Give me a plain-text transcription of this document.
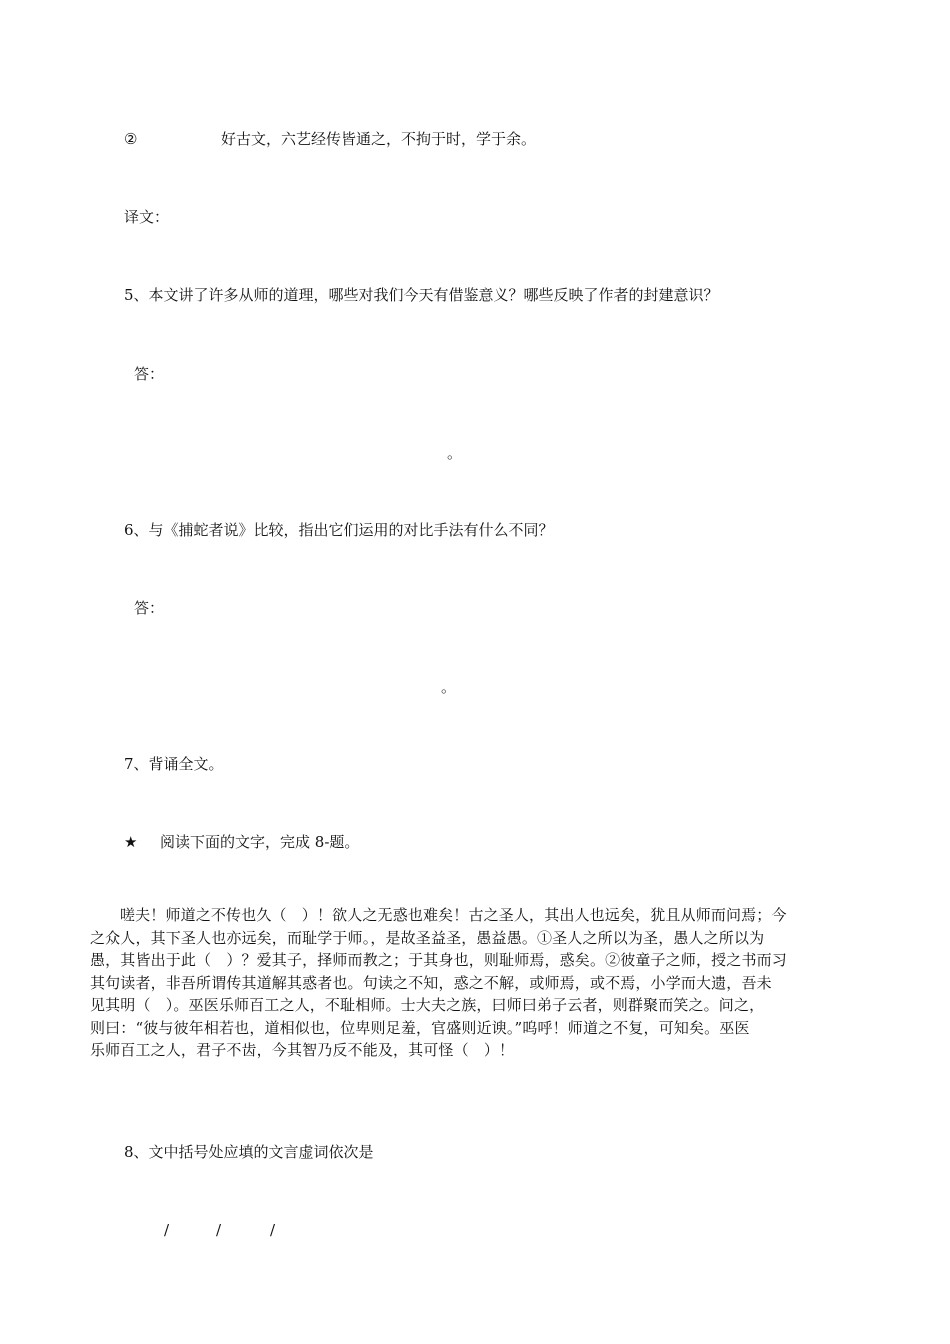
②	好古文，六艺经传皆通之，不拘于时，学于余。
译文：
5、本文讲了许多从师的道理，哪些对我们今天有借鉴意义？哪些反映了作者的封建意识？
答：
。
6、与《捕蛇者说》比较，指出它们运用的对比手法有什么不同？
答：
。
7、背诵全文。
★ 阅读下面的文字，完成 8-题。
嗟夫！师道之不传也久（　）！欲人之无惑也难矣！古之圣人，其出人也远矣，犹且从师而问焉；今
之众人，其下圣人也亦远矣，而耻学于师。，是故圣益圣，愚益愚。①圣人之所以为圣，愚人之所以为
愚，其皆出于此（　）？爱其子，择师而教之；于其身也，则耻师焉，惑矣。②彼童子之师，授之书而习
其句读者，非吾所谓传其道解其惑者也。句读之不知，惑之不解，或师焉，或不焉，小学而大遗，吾未
见其明（　）。巫医乐师百工之人，不耻相师。士大夫之族，曰师曰弟子云者，则群聚而笑之。问之，
则曰：“彼与彼年相若也，道相似也，位卑则足羞，官盛则近谀。”呜呼！师道之不复，可知矣。巫医
乐师百工之人，君子不齿，今其智乃反不能及，其可怪（　）！
8、文中括号处应填的文言虚词依次是
/	/	/
